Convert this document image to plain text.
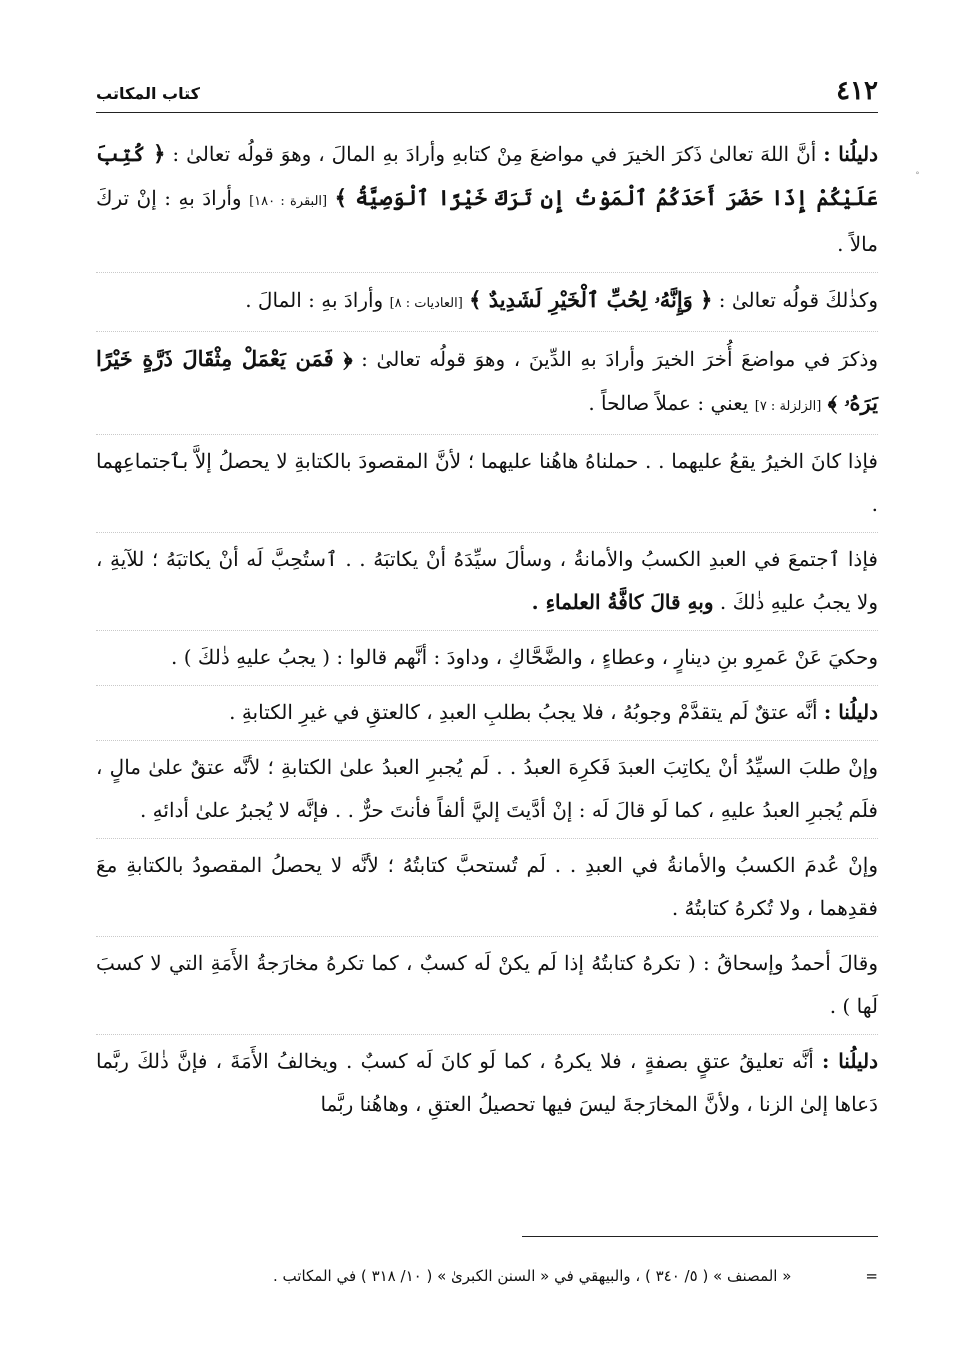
٤١٢
كتاب المكاتب

دليلُنا : أنَّ اللهَ تعالىٰ ذَكرَ الخيرَ في مواضعَ مِنْ كتابهِ وأرادَ بهِ المالَ ، وهوَ قولُه تعالىٰ : ﴿ كُتِبَ عَلَيْكُمْ إِذَا حَضَرَ أَحَدَكُمُ ٱلْمَوْتُ إِن تَرَكَ خَيْرًا ٱلْوَصِيَّةُ ﴾ [البقرة : ١٨٠] وأرادَ بهِ : إنْ تركَ مالاً .

وكذٰلكَ قولُه تعالىٰ : ﴿ وَإِنَّهُۥ لِحُبِّ ٱلْخَيْرِ لَشَدِيدٌ ﴾ [العاديات : ٨] وأرادَ بهِ : المالَ .

وذكرَ في مواضعَ أُخرَ الخيرَ وأرادَ بهِ الدِّينَ ، وهوَ قولُه تعالىٰ : ﴿ فَمَن يَعْمَلْ مِثْقَالَ ذَرَّةٍ خَيْرًا يَرَهُۥ ﴾ [الزلزلة : ٧] يعني : عملاً صالحاً .

فإذا كانَ الخيرُ يقعُ عليهما . . حملناهُ هاهُنا عليهما ؛ لأنَّ المقصودَ بالكتابةِ لا يحصلُ إلاَّ بٱجتماعِهما .

فإذا ٱجتمعَ في العبدِ الكسبُ والأمانةُ ، وسألَ سيِّدَهُ أنْ يكاتبَهُ . . ٱستُحِبَّ لَه أنْ يكاتبَهُ ؛ للآيةِ ، ولا يجبُ عليهِ ذٰلكَ . وبهِ قالَ كافَّةُ العلماءِ .

وحكيَ عَنْ عَمرِو بنِ دينارٍ ، وعطاءٍ ، والضَّحَّاكِ ، وداودَ : أنَّهم قالوا : ( يجبُ عليهِ ذٰلكَ ) .

دليلُنا : أنَّه عتقٌ لَم يتقدَّمْ وجوبُهُ ، فلا يجبُ بطلبِ العبدِ ، كالعتقِ في غيرِ الكتابةِ .

وإنْ طلبَ السيِّدُ أنْ يكاتِبَ العبدَ فَكرِهَ العبدُ . . لَم يُجبرِ العبدُ علىٰ الكتابةِ ؛ لأنَّه عتقٌ علىٰ مالٍ ، فلَم يُجبرِ العبدُ عليهِ ، كما لَو قالَ لَه : إنْ أدَّيتَ إليَّ ألفاً فأنتَ حرٌّ . . فإنَّه لا يُجبرُ علىٰ أدائهِ .

وإنْ عُدمَ الكسبُ والأمانةُ في العبدِ . . لَم تُستحبَّ كتابتُهُ ؛ لأنَّه لا يحصلُ المقصودُ بالكتابةِ معَ فقدِهما ، ولا تُكرهُ كتابتُهُ .

وقالَ أحمدُ وإسحاقُ : ( تكرهُ كتابتُهُ إذا لَم يكنْ لَه كسبٌ ، كما تكرهُ مخارَجةُ الأَمَةِ التي لا كسبَ لَها ) .

دليلُنا : أنَّه تعليقُ عتقٍ بصفةٍ ، فلا يكرهُ ، كما لَو كانَ لَه كسبٌ . ويخالفُ الأَمَةَ ، فإنَّ ذٰلكَ ربَّما دَعاها إلىٰ الزنا ، ولأنَّ المخارَجةَ ليسَ فيها تحصيلُ العتقِ ، وهاهُنا ربَّما

=« المصنف » ( ٥/ ٣٤٠ ) ، والبيهقي في « السنن الكبرىٰ » ( ١٠/ ٣١٨ ) في المكاتب .
ﹾ
